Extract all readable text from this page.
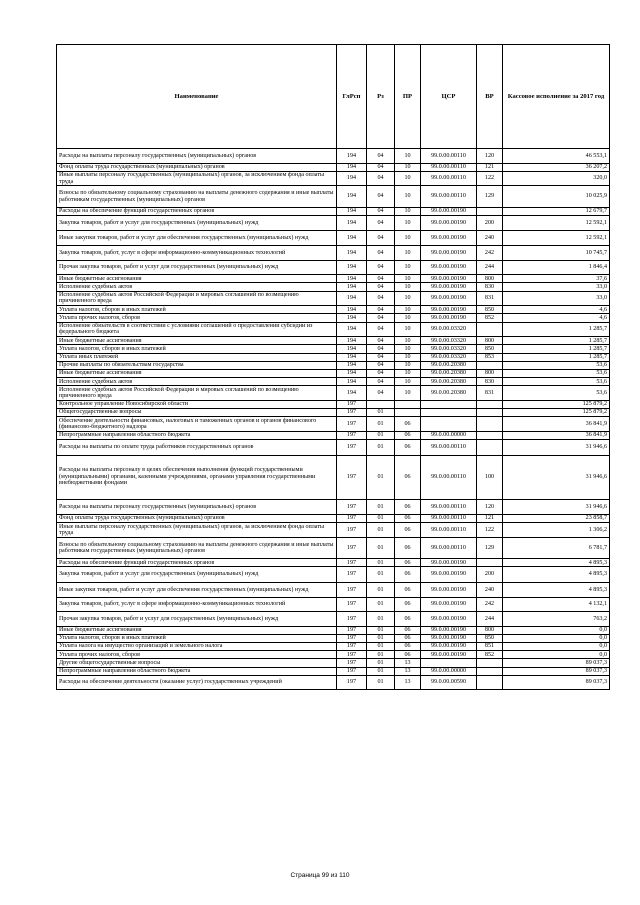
Наименование	ГлРсп	Рз	ПР	ЦСР	ВР	Кассовое исполнение за 2017 год
Расходы на выплаты персоналу государственных (муниципальных) органов	194	04	10	99.0.00.00110	120	46 553,1
Фонд оплаты труда государственных (муниципальных) органов	194	04	10	99.0.00.00110	121	36 207,2
Иные выплаты персоналу государственных (муниципальных) органов, за исключением фонда оплаты труда	194	04	10	99.0.00.00110	122	320,0
Взносы по обязательному социальному страхованию на выплаты денежного содержания и иные выплаты работникам государственных (муниципальных) органов	194	04	10	99.0.00.00110	129	10 025,9
Расходы на обеспечение функций государственных органов	194	04	10	99.0.00.00190		12 679,7
Закупка товаров, работ и услуг для государственных (муниципальных) нужд	194	04	10	99.0.00.00190	200	12 592,1
Иные закупки товаров, работ и услуг для обеспечения государственных (муниципальных) нужд	194	04	10	99.0.00.00190	240	12 592,1
Закупка товаров, работ, услуг в сфере информационно-коммуникационных технологий	194	04	10	99.0.00.00190	242	10 745,7
Прочая закупка товаров, работ и услуг для государственных (муниципальных) нужд	194	04	10	99.0.00.00190	244	1 846,4
Иные бюджетные ассигнования	194	04	10	99.0.00.00190	800	37,6
Исполнение судебных актов	194	04	10	99.0.00.00190	830	33,0
Исполнение судебных актов Российской Федерации и мировых соглашений по возмещению причиненного вреда	194	04	10	99.0.00.00190	831	33,0
Уплата налогов, сборов и иных платежей	194	04	10	99.0.00.00190	850	4,6
Уплата прочих налогов, сборов	194	04	10	99.0.00.00190	852	4,6
Исполнение обязательств в соответствии с условиями соглашений о предоставлении субсидии из федерального бюджета	194	04	10	99.0.00.03320		1 285,7
Иные бюджетные ассигнования	194	04	10	99.0.00.03320	800	1 285,7
Уплата налогов, сборов и иных платежей	194	04	10	99.0.00.03320	850	1 285,7
Уплата иных платежей	194	04	10	99.0.00.03320	853	1 285,7
Прочие выплаты по обязательствам государства	194	04	10	99.0.00.20380		53,6
Иные бюджетные ассигнования	194	04	10	99.0.00.20380	800	53,6
Исполнение судебных актов	194	04	10	99.0.00.20380	830	53,6
Исполнение судебных актов Российской Федерации и мировых соглашений по возмещению причиненного вреда	194	04	10	99.0.00.20380	831	53,6
Контрольное управление Новосибирской области	197					125 879,2
Общегосударственные вопросы	197	01				125 879,2
Обеспечение деятельности финансовых, налоговых и таможенных органов и органов финансового (финансово-бюджетного) надзора	197	01	06			36 841,9
Непрограммные направления областного бюджета	197	01	06	99.0.00.00000		36 841,9
Расходы на выплаты по оплате труда работников государственных органов	197	01	06	99.0.00.00110		31 946,6
Расходы на выплаты персоналу в целях обеспечения выполнения функций государственными (муниципальными) органами, казенными учреждениями, органами управления государственными внебюджетными фондами	197	01	06	99.0.00.00110	100	31 946,6
Расходы на выплаты персоналу государственных (муниципальных) органов	197	01	06	99.0.00.00110	120	31 946,6
Фонд оплаты труда государственных (муниципальных) органов	197	01	06	99.0.00.00110	121	23 858,7
Иные выплаты персоналу государственных (муниципальных) органов, за исключением фонда оплаты труда	197	01	06	99.0.00.00110	122	1 306,2
Взносы по обязательному социальному страхованию на выплаты денежного содержания и иные выплаты работникам государственных (муниципальных) органов	197	01	06	99.0.00.00110	129	6 781,7
Расходы на обеспечение функций государственных органов	197	01	06	99.0.00.00190		4 895,3
Закупка товаров, работ и услуг для государственных (муниципальных) нужд	197	01	06	99.0.00.00190	200	4 895,3
Иные закупки товаров, работ и услуг для обеспечения государственных (муниципальных) нужд	197	01	06	99.0.00.00190	240	4 895,3
Закупка товаров, работ, услуг в сфере информационно-коммуникационных технологий	197	01	06	99.0.00.00190	242	4 132,1
Прочая закупка товаров, работ и услуг для государственных (муниципальных) нужд	197	01	06	99.0.00.00190	244	763,2
Иные бюджетные ассигнования	197	01	06	99.0.00.00190	800	0,0
Уплата налогов, сборов и иных платежей	197	01	06	99.0.00.00190	850	0,0
Уплата налога на имущество организаций и земельного налога	197	01	06	99.0.00.00190	851	0,0
Уплата прочих налогов, сборов	197	01	06	99.0.00.00190	852	0,0
Другие общегосударственные вопросы	197	01	13			89 037,3
Непрограммные направления областного бюджета	197	01	13	99.0.00.00000		89 037,3
Расходы на обеспечение деятельности (оказание услуг) государственных учреждений	197	01	13	99.0.00.00590		89 037,3
Страница 99 из 110
